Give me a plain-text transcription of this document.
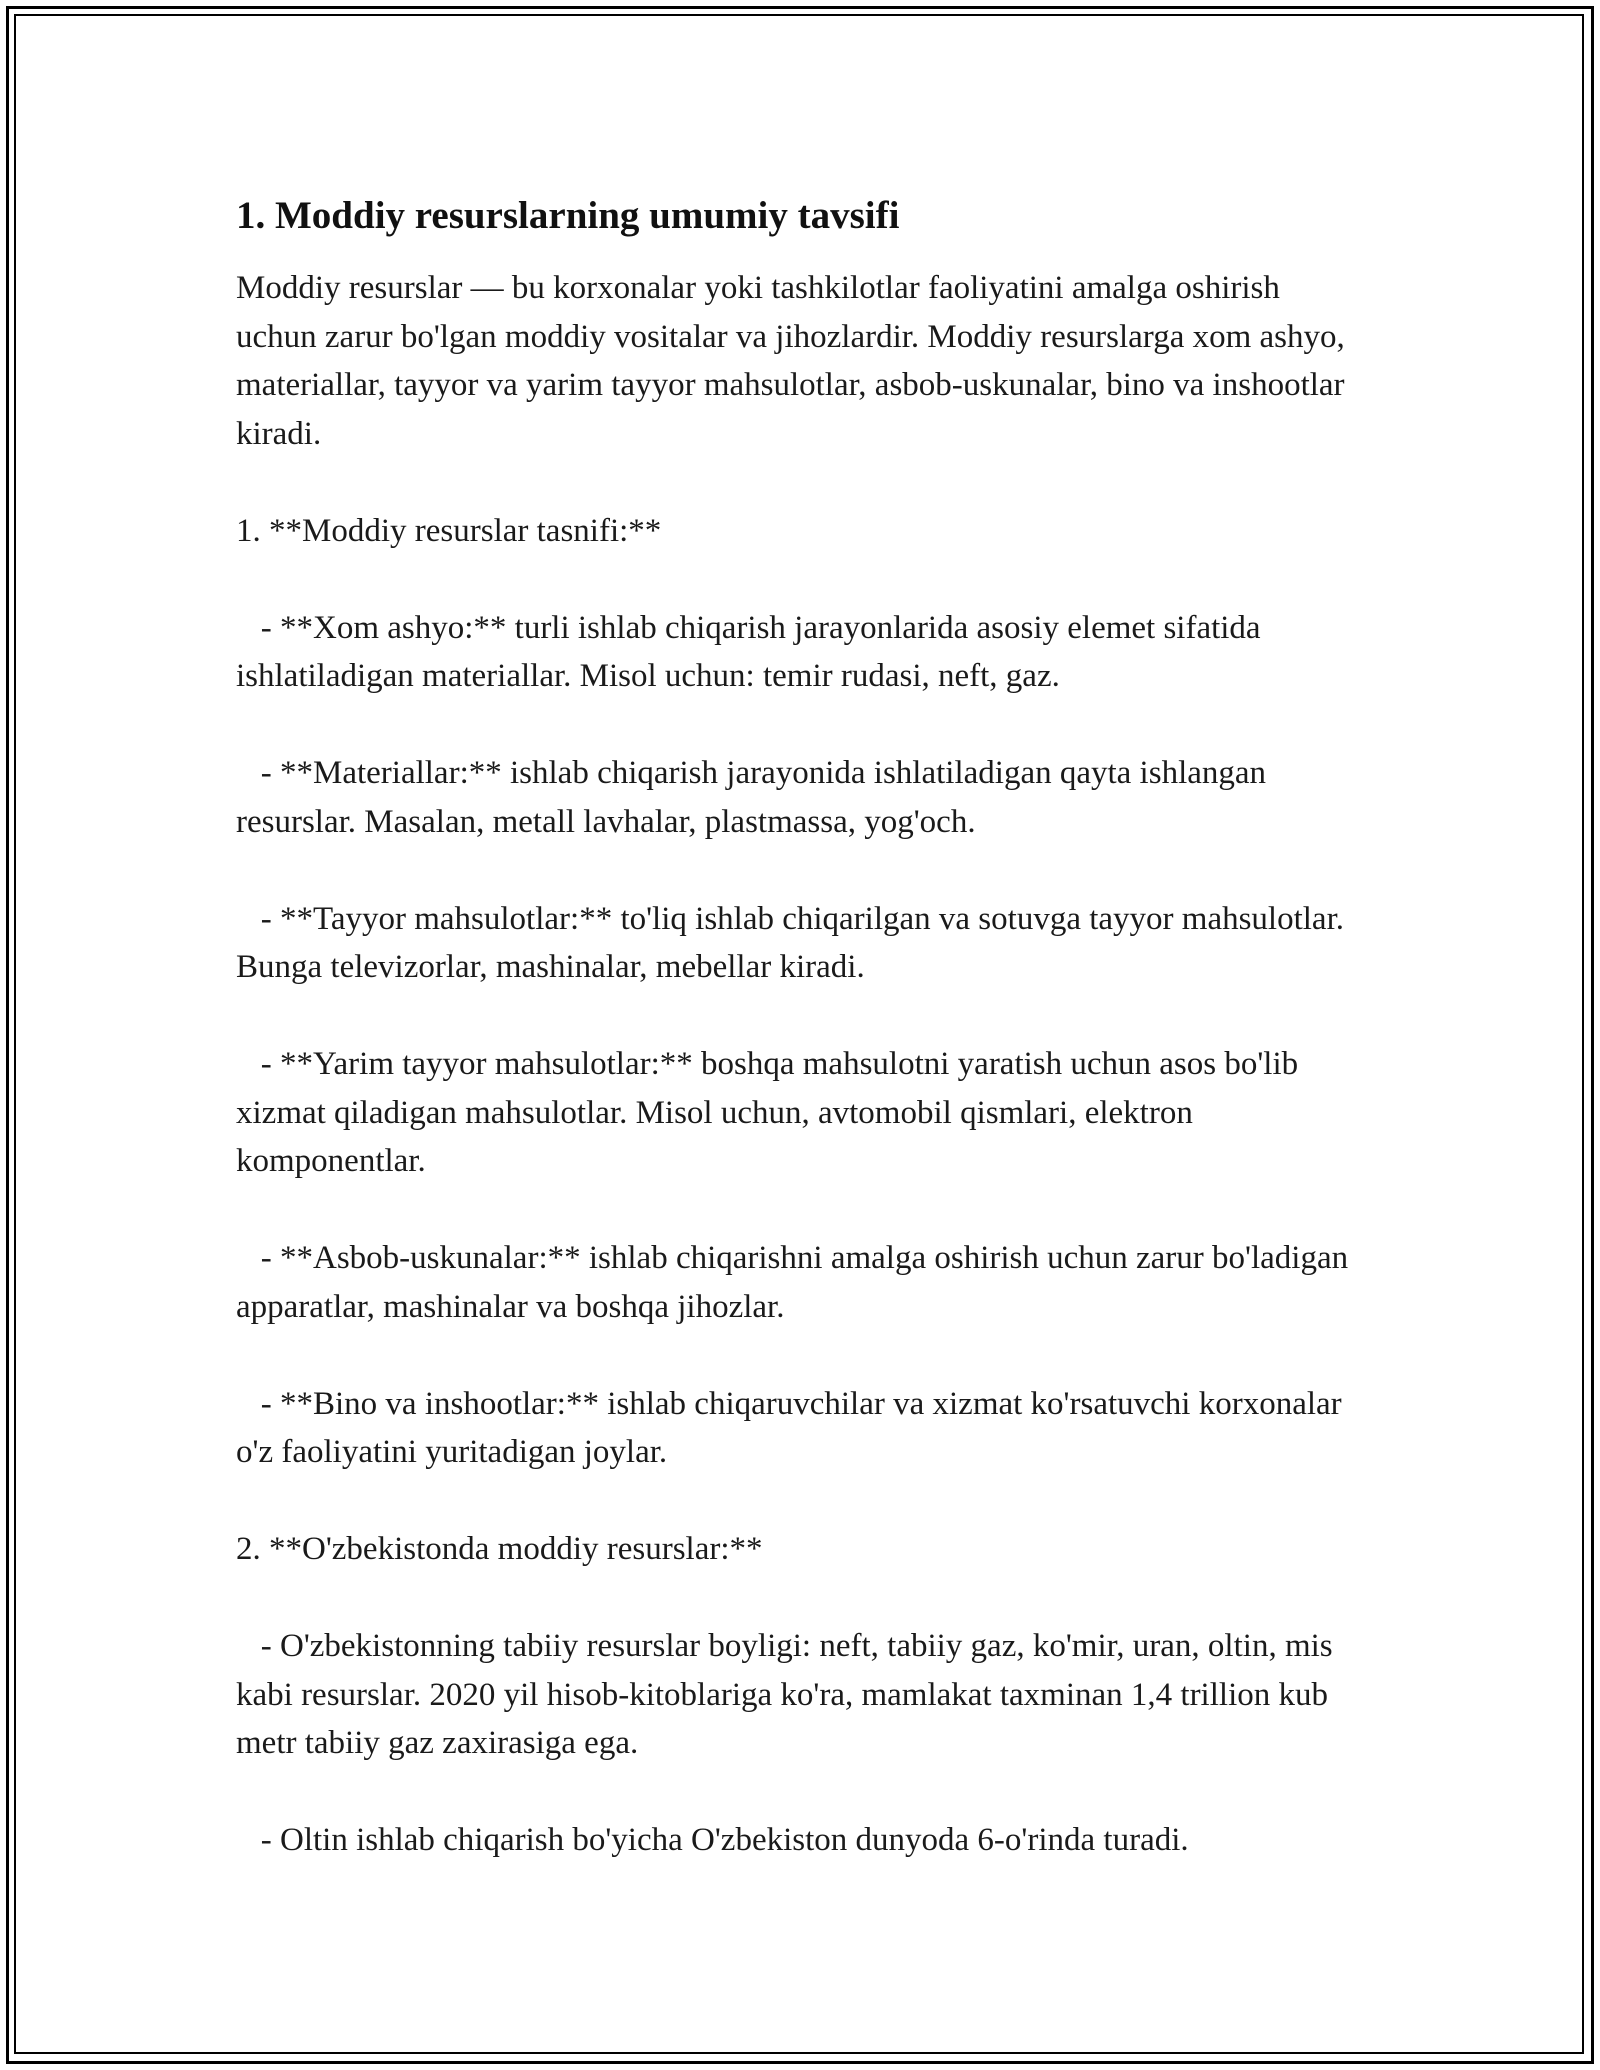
1. Moddiy resurslarning umumiy tavsifi

Moddiy resurslar — bu korxonalar yoki tashkilotlar faoliyatini amalga oshirish uchun zarur bo'lgan moddiy vositalar va jihozlardir. Moddiy resurslarga xom ashyo, materiallar, tayyor va yarim tayyor mahsulotlar, asbob-uskunalar, bino va inshootlar kiradi.

1. **Moddiy resurslar tasnifi:**

- **Xom ashyo:** turli ishlab chiqarish jarayonlarida asosiy elemet sifatida ishlatiladigan materiallar. Misol uchun: temir rudasi, neft, gaz.

- **Materiallar:** ishlab chiqarish jarayonida ishlatiladigan qayta ishlangan resurslar. Masalan, metall lavhalar, plastmassa, yog'och.

- **Tayyor mahsulotlar:** to'liq ishlab chiqarilgan va sotuvga tayyor mahsulotlar. Bunga televizorlar, mashinalar, mebellar kiradi.

- **Yarim tayyor mahsulotlar:** boshqa mahsulotni yaratish uchun asos bo'lib xizmat qiladigan mahsulotlar. Misol uchun, avtomobil qismlari, elektron komponentlar.

- **Asbob-uskunalar:** ishlab chiqarishni amalga oshirish uchun zarur bo'ladigan apparatlar, mashinalar va boshqa jihozlar.

- **Bino va inshootlar:** ishlab chiqaruvchilar va xizmat ko'rsatuvchi korxonalar o'z faoliyatini yuritadigan joylar.

2. **O'zbekistonda moddiy resurslar:**

- O'zbekistonning tabiiy resurslar boyligi: neft, tabiiy gaz, ko'mir, uran, oltin, mis kabi resurslar. 2020 yil hisob-kitoblariga ko'ra, mamlakat taxminan 1,4 trillion kub metr tabiiy gaz zaxirasiga ega.

- Oltin ishlab chiqarish bo'yicha O'zbekiston dunyoda 6-o'rinda turadi.
